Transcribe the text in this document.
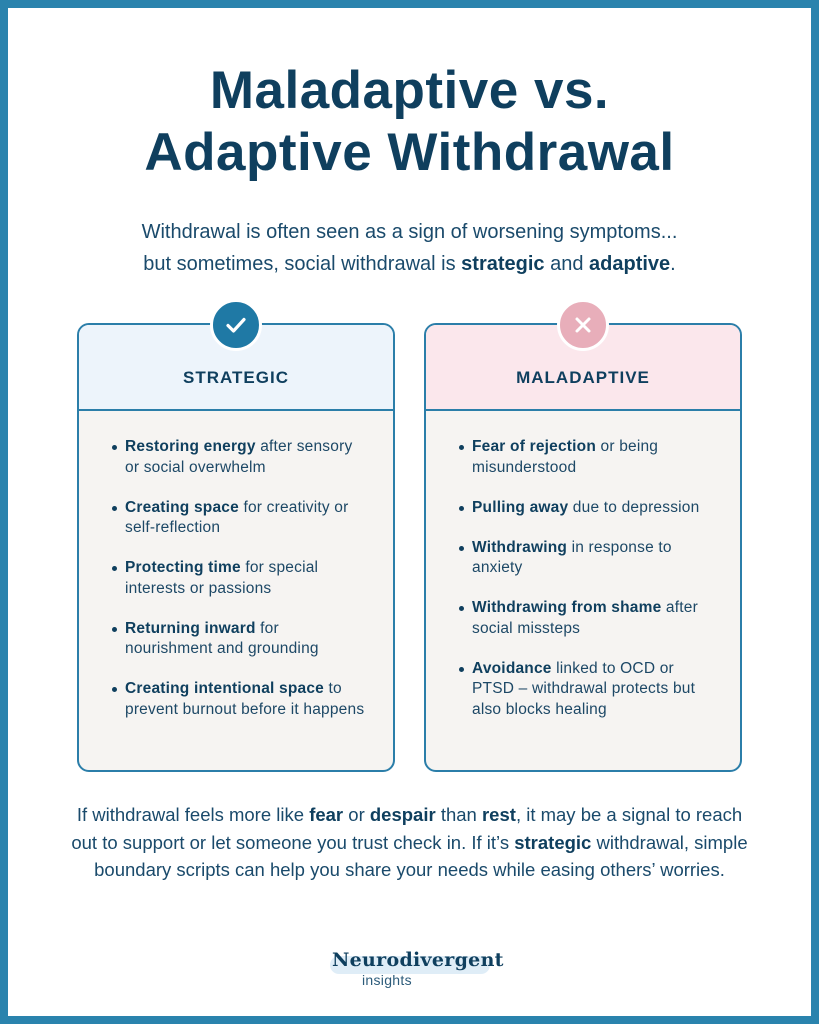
Maladaptive vs.
Adaptive Withdrawal

Withdrawal is often seen as a sign of worsening symptoms...
but sometimes, social withdrawal is strategic and adaptive.

STRATEGIC
Restoring energy after sensory or social overwhelm
Creating space for creativity or self-reflection
Protecting time for special interests or passions
Returning inward for nourishment and grounding
Creating intentional space to prevent burnout before it happens
MALADAPTIVE
Fear of rejection or being misunderstood
Pulling away due to depression
Withdrawing in response to anxiety
Withdrawing from shame after social missteps
Avoidance linked to OCD or PTSD – withdrawal protects but also blocks healing

If withdrawal feels more like fear or despair than rest, it may be a signal to reach out to support or let someone you trust check in. If it’s strategic withdrawal, simple boundary scripts can help you share your needs while easing others’ worries.

Neurodivergent
insights
